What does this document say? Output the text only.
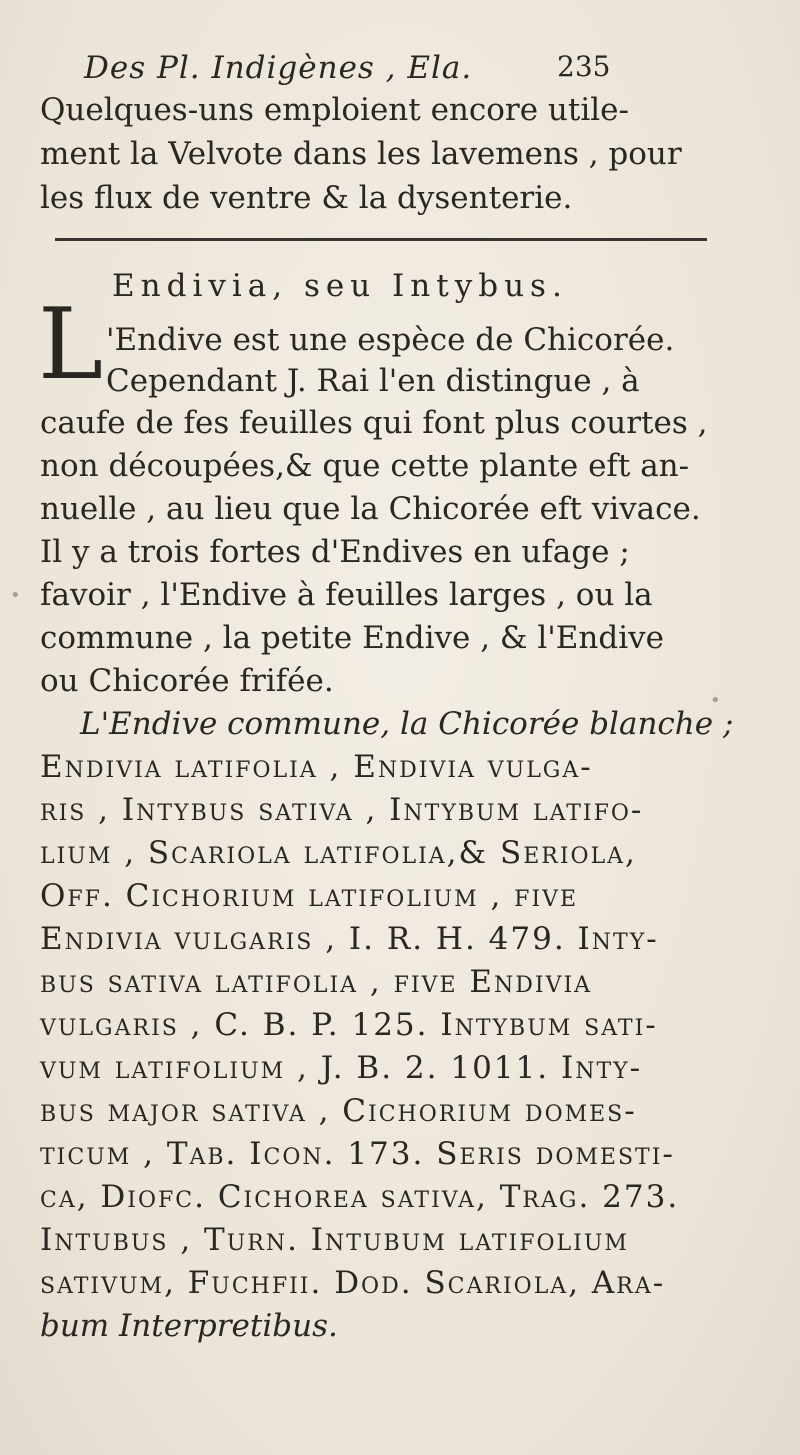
Des Pl. Indigènes , Ela.	235
Quelques-uns emploient encore utile-
ment la Velvote dans les lavemens , pour
les flux de ventre & la dysenterie.
Endivia, seu Intybus.
L 'Endive est une espèce de Chicorée.
Cependant J. Rai l'en distingue , à
caufe de fes feuilles qui font plus courtes ,
non découpées,& que cette plante eft an-
nuelle , au lieu que la Chicorée eft vivace.
Il y a trois fortes d'Endives en ufage ;
favoir , l'Endive à feuilles larges , ou la
commune , la petite Endive , & l'Endive
ou Chicorée frifée.
L'Endive commune, la Chicorée blanche ;
Endivia latifolia , Endivia vulga-
ris , Intybus sativa , Intybum latifo-
lium , Scariola latifolia,& Seriola,
Off. Cichorium latifolium , five
Endivia vulgaris , I. R. H. 479. Inty-
bus sativa latifolia , five Endivia
vulgaris , C. B. P. 125. Intybum sati-
vum latifolium , J. B. 2. 1011. Inty-
bus major sativa , Cichorium domes-
ticum , Tab. Icon. 173. Seris domesti-
ca, Diofc. Cichorea sativa, Trag. 273.
Intubus , Turn. Intubum latifolium
sativum, Fuchfii. Dod. Scariola, Ara-
bum Interpretibus.
•
•
